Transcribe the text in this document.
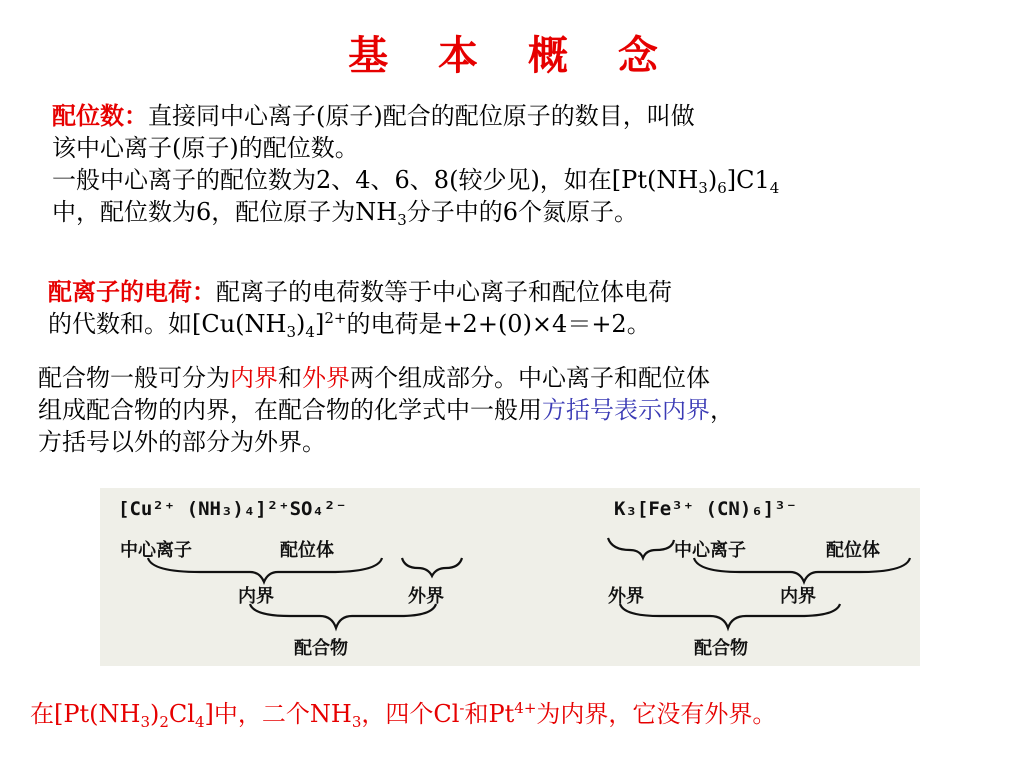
基 本 概 念
配位数：直接同中心离子(原子)配合的配位原子的数目，叫做
该中心离子(原子)的配位数。
一般中心离子的配位数为2、4、6、8(较少见)，如在$[Pt(NH_3)_6]C1_4$
中，配位数为6，配位原子为$NH_3$分子中的6个氮原子。
配离子的电荷：配离子的电荷数等于中心离子和配位体电荷
的代数和。如$[Cu(NH_3)_4]^{2+}$的电荷是+2+(0)×4＝+2。
配合物一般可分为内界和外界两个组成部分。中心离子和配位体
组成配合物的内界，在配合物的化学式中一般用方括号表示内界，
方括号以外的部分为外界。
[Cu²⁺ (NH₃)₄]²⁺SO₄²⁻
中心离子	配位体
内界	外界
配合物
K₃[Fe³⁺ (CN)₆]³⁻
中心离子	配位体
外界	内界
配合物
在$[Pt(NH_3)_2Cl_4]$中，二个$NH_3$，四个Cl-和$Pt^{4+}$为内界，它没有外界。
